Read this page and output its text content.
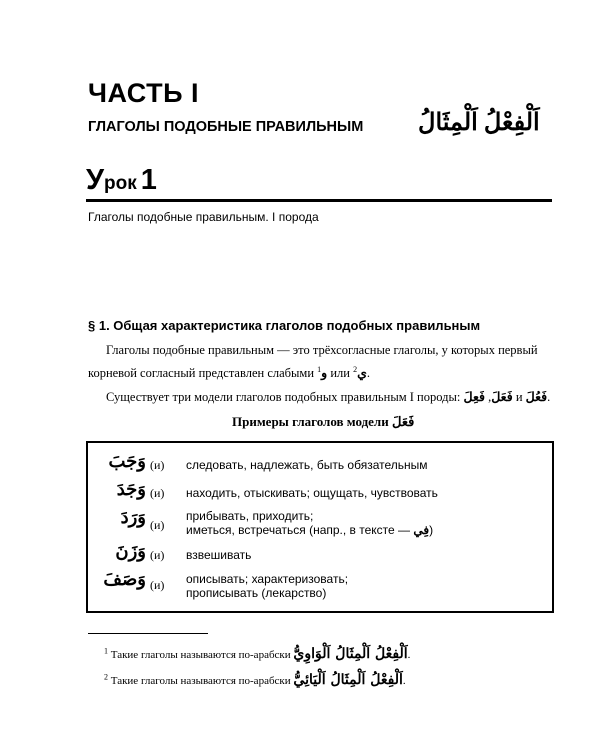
ЧАСТЬ I
ГЛАГОЛЫ ПОДОБНЫЕ ПРАВИЛЬНЫМ اَلْفِعْلُ اَلْمِثَالُ
Урок 1
Глаголы подобные правильным. I порода
§ 1. Общая характеристика глаголов подобных правильным
Глаголы подобные правильным — это трёхсогласные глаголы, у которых первый корневой согласный представлен слабыми و$^1$ или ي$^2$ .
Существует три модели глаголов подобных правильным I породы: فَعَلَ, فَعِلَ и فَعُلَ.
Примеры глаголов модели فَعَلَ
وَجَبَ (и) следовать, надлежать, быть обязательным
وَجَدَ (и) находить, отыскивать; ощущать, чувствовать
وَرَدَ (и)
прибывать, приходить;
иметься, встречаться (напр., в тексте — فِي)
وَزَنَ (и) взвешивать
وَصَفَ (и) описывать; характеризовать;
прописывать (лекарство)
$^1$ Такие глаголы называются по-арабски اَلْفِعْلُ اَلْمِثَالُ اَلْوَاوِيُّ.
$^2$ Такие глаголы называются по-арабски اَلْفِعْلُ اَلْمِثَالُ اَلْيَائِيُّ.
